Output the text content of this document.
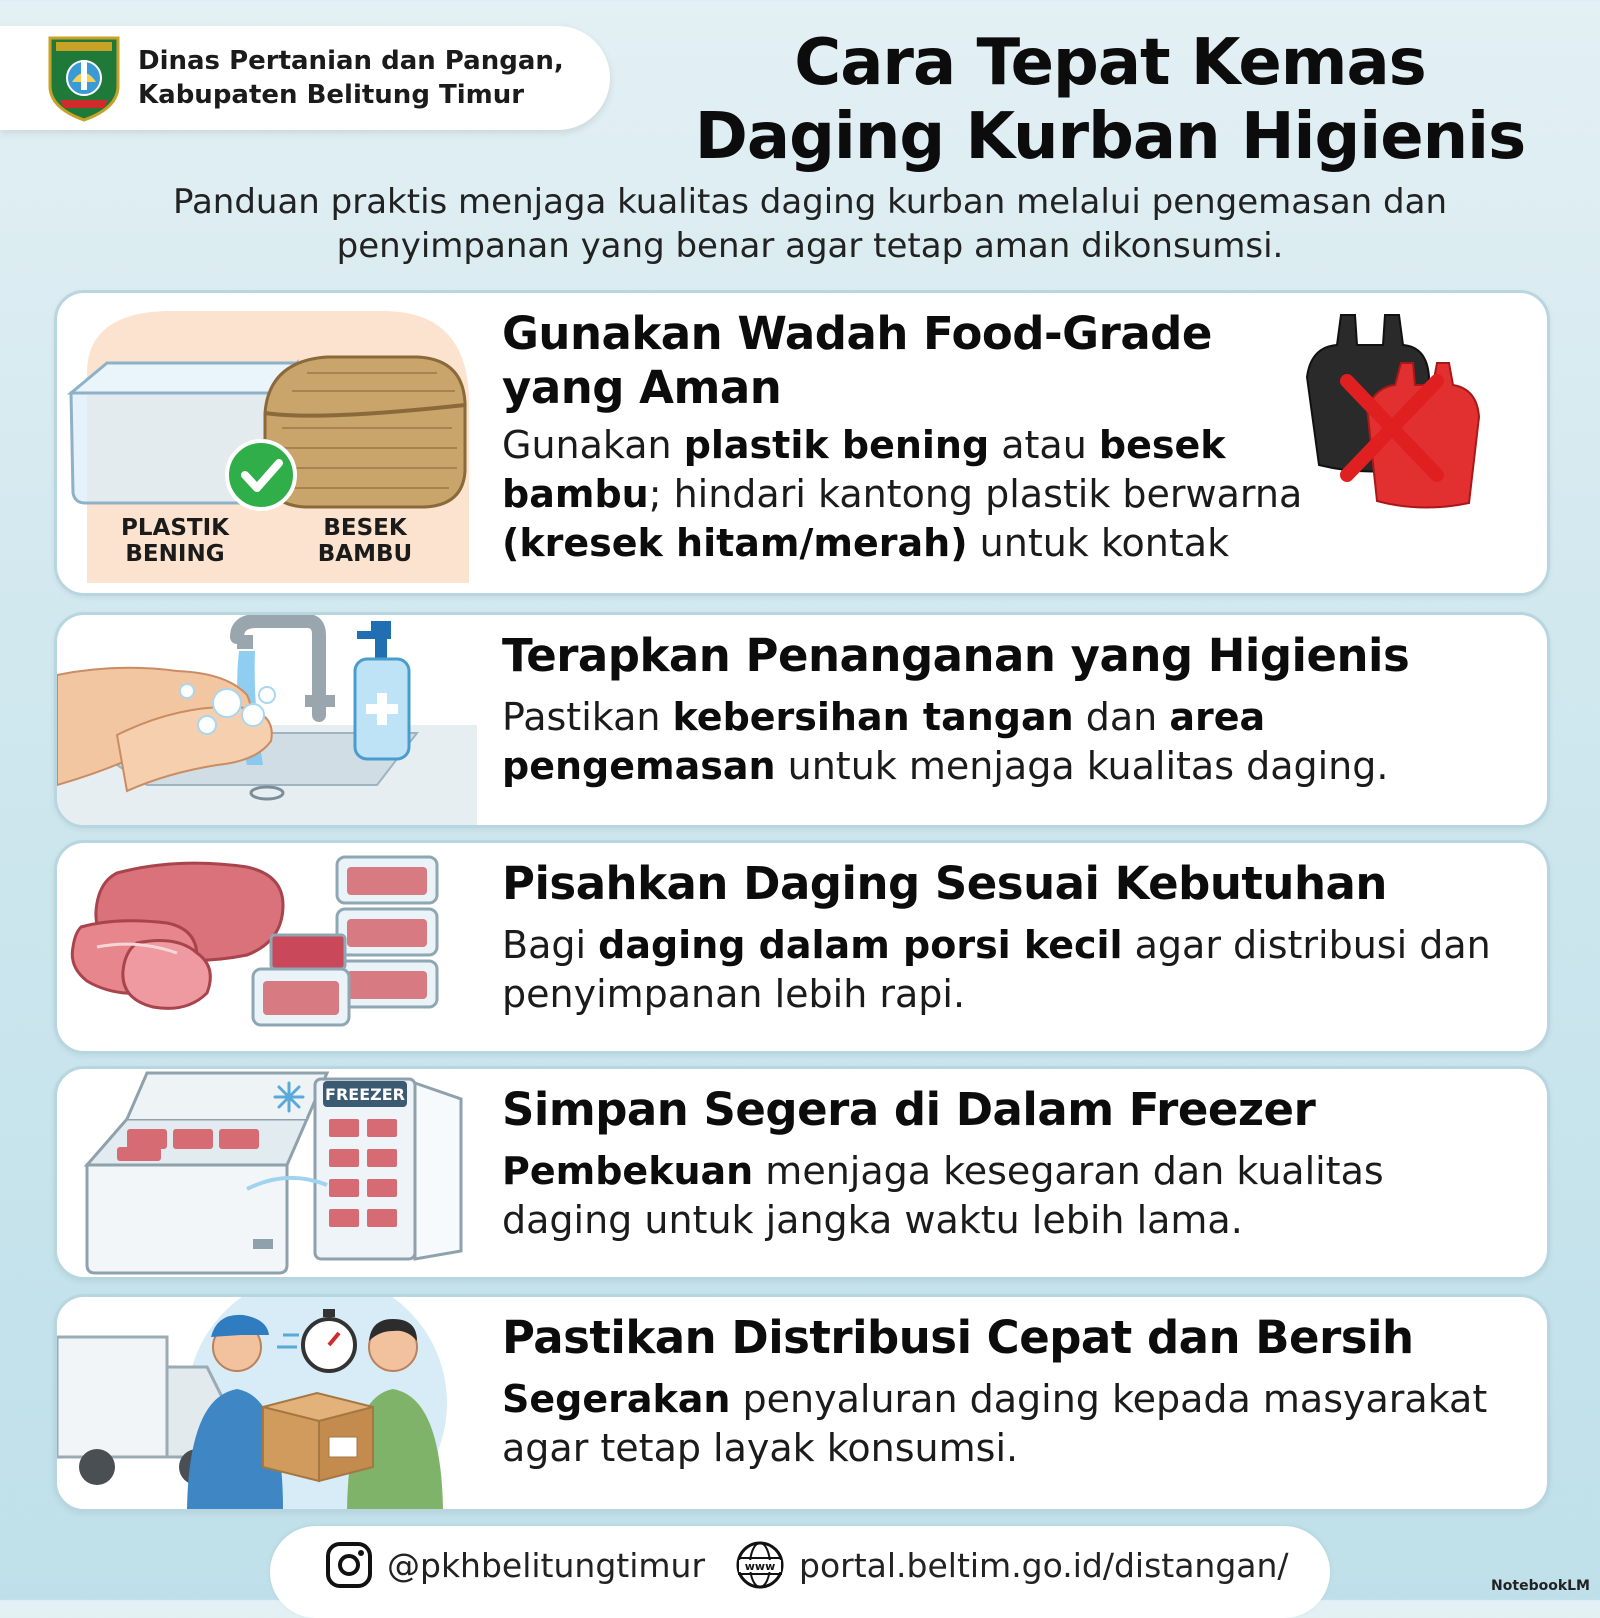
Dinas Pertanian dan Pangan,
Kabupaten Belitung Timur	Cara Tepat Kemas
Daging Kurban Higienis
Panduan praktis menjaga kualitas daging kurban melalui pengemasan dan penyimpanan yang benar agar tetap aman dikonsumsi.
PLASTIK
BENING
BESEK
BAMBU
Gunakan Wadah Food-Grade
yang Aman

Gunakan plastik bening atau besek bambu; hindari kantong plastik berwarna (kresek hitam/merah) untuk kontak

Terapkan Penanganan yang Higienis

Pastikan kebersihan tangan dan area pengemasan untuk menjaga kualitas daging.

Pisahkan Daging Sesuai Kebutuhan

Bagi daging dalam porsi kecil agar distribusi dan penyimpanan lebih rapi.

FREEZER Simpan Segera di Dalam Freezer

Pembekuan menjaga kesegaran dan kualitas daging untuk jangka waktu lebih lama.

Pastikan Distribusi Cepat dan Bersih

Segerakan penyaluran daging kepada masyarakat agar tetap layak konsumsi.

@pkhbelitungtimur	www portal.beltim.go.id/distangan/
NotebookLM
